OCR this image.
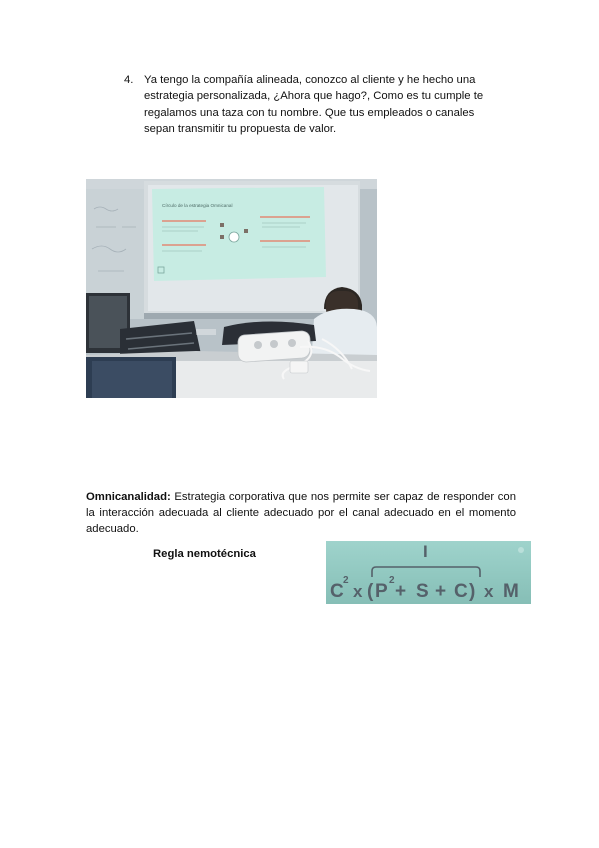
4. Ya tengo la compañía alineada, conozco al cliente y he hecho una

estrategia personalizada, ¿Ahora que hago?, Como es tu cumple te

regalamos una taza con tu nombre. Que tus empleados o canales

sepan transmitir tu propuesta de valor.

Círculo de la estrategia Omnicanal
Omnicanalidad: Estrategia corporativa que nos permite ser capaz de responder con la interacción adecuada al cliente adecuado por el canal adecuado en el momento adecuado.
Regla nemotécnica	I
C
2
x ( P
2
+ S + C ) x M
